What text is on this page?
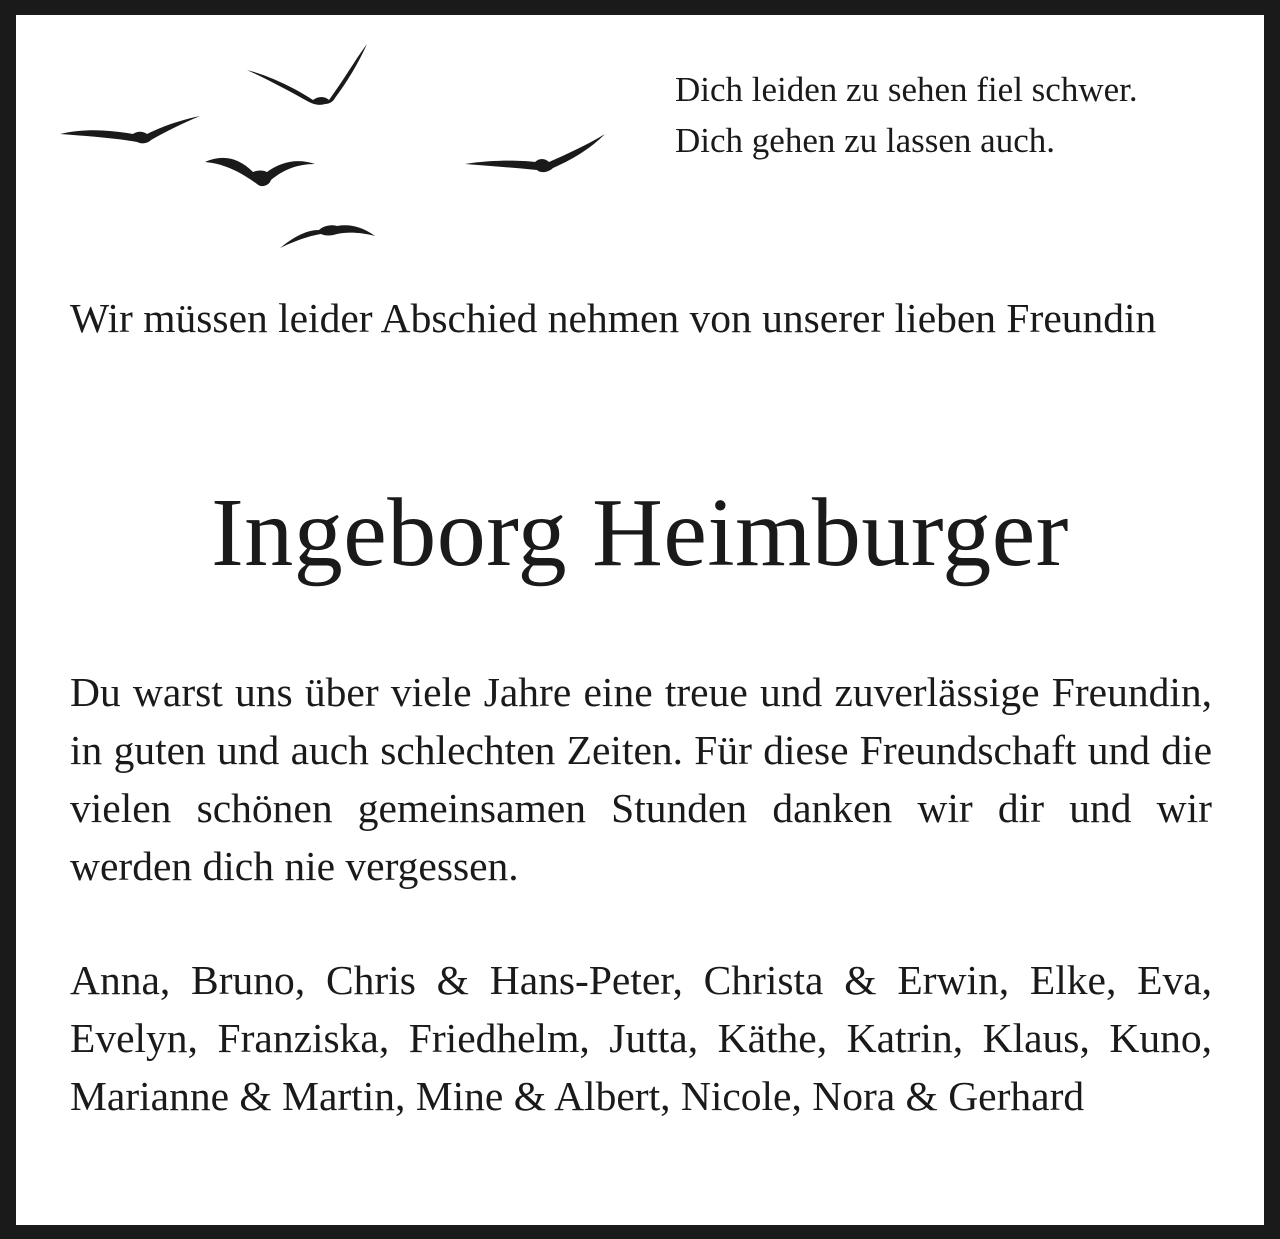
Dich leiden zu sehen fiel schwer.
Dich gehen zu lassen auch.
Wir müssen leider Abschied nehmen von unserer lieben Freundin
Ingeborg Heimburger
Du warst uns über viele Jahre eine treue und zuverlässige Freundin, in guten und auch schlechten Zeiten. Für diese Freundschaft und die vielen schönen gemeinsamen Stunden danken wir dir und wir werden dich nie vergessen.
Anna, Bruno, Chris & Hans-Peter, Christa & Erwin, Elke, Eva, Evelyn, Franziska, Friedhelm, Jutta, Käthe, Katrin, Klaus, Kuno, Marianne & Martin, Mine & Albert, Nicole, Nora & Gerhard
